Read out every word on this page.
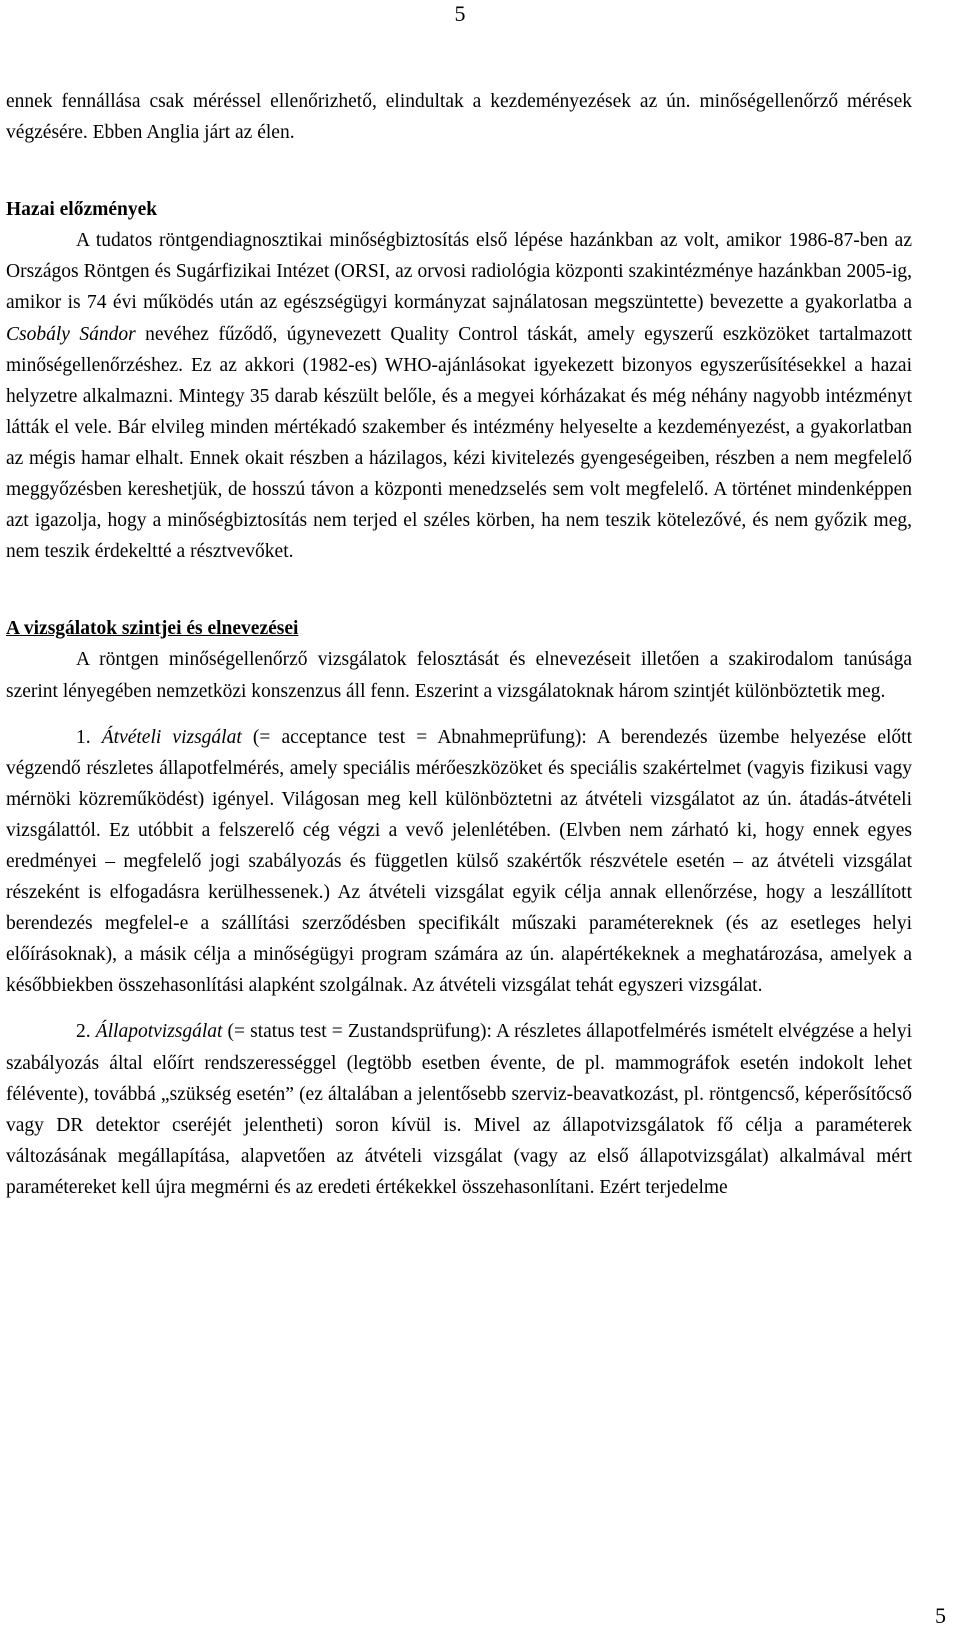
5

ennek fennállása csak méréssel ellenőrizhető, elindultak a kezdeményezések az ún. minőségellenőrző mérések végzésére. Ebben Anglia járt az élen.

Hazai előzmények

A tudatos röntgendiagnosztikai minőségbiztosítás első lépése hazánkban az volt, amikor 1986-87-ben az Országos Röntgen és Sugárfizikai Intézet (ORSI, az orvosi radiológia központi szakintézménye hazánkban 2005-ig, amikor is 74 évi működés után az egészségügyi kormányzat sajnálatosan megszüntette) bevezette a gyakorlatba a Csobály Sándor nevéhez fűződő, úgynevezett Quality Control táskát, amely egyszerű eszközöket tartalmazott minőségellenőrzéshez. Ez az akkori (1982-es) WHO-ajánlásokat igyekezett bizonyos egyszerűsítésekkel a hazai helyzetre alkalmazni. Mintegy 35 darab készült belőle, és a megyei kórházakat és még néhány nagyobb intézményt látták el vele. Bár elvileg minden mértékadó szakember és intézmény helyeselte a kezdeményezést, a gyakorlatban az mégis hamar elhalt. Ennek okait részben a házilagos, kézi kivitelezés gyengeségeiben, részben a nem megfelelő meggyőzésben kereshetjük, de hosszú távon a központi menedzselés sem volt megfelelő. A történet mindenképpen azt igazolja, hogy a minőségbiztosítás nem terjed el széles körben, ha nem teszik kötelezővé, és nem győzik meg, nem teszik érdekeltté a résztvevőket.

A vizsgálatok szintjei és elnevezései

A röntgen minőségellenőrző vizsgálatok felosztását és elnevezéseit illetően a szakirodalom tanúsága szerint lényegében nemzetközi konszenzus áll fenn. Eszerint a vizsgálatoknak három szintjét különböztetik meg.

1. Átvételi vizsgálat (= acceptance test = Abnahmeprüfung): A berendezés üzembe helyezése előtt végzendő részletes állapotfelmérés, amely speciális mérőeszközöket és speciális szakértelmet (vagyis fizikusi vagy mérnöki közreműködést) igényel. Világosan meg kell különböztetni az átvételi vizsgálatot az ún. átadás-átvételi vizsgálattól. Ez utóbbit a felszerelő cég végzi a vevő jelenlétében. (Elvben nem zárható ki, hogy ennek egyes eredményei – megfelelő jogi szabályozás és független külső szakértők részvétele esetén – az átvételi vizsgálat részeként is elfogadásra kerülhessenek.) Az átvételi vizsgálat egyik célja annak ellenőrzése, hogy a leszállított berendezés megfelel-e a szállítási szerződésben specifikált műszaki paramétereknek (és az esetleges helyi előírásoknak), a másik célja a minőségügyi program számára az ún. alapértékeknek a meghatározása, amelyek a későbbiekben összehasonlítási alapként szolgálnak. Az átvételi vizsgálat tehát egyszeri vizsgálat.

2. Állapotvizsgálat (= status test = Zustandsprüfung): A részletes állapotfelmérés ismételt elvégzése a helyi szabályozás által előírt rendszerességgel (legtöbb esetben évente, de pl. mammográfok esetén indokolt lehet félévente), továbbá „szükség esetén” (ez általában a jelentősebb szerviz-beavatkozást, pl. röntgencső, képerősítőcső vagy DR detektor cseréjét jelentheti) soron kívül is. Mivel az állapotvizsgálatok fő célja a paraméterek változásának megállapítása, alapvetően az átvételi vizsgálat (vagy az első állapotvizsgálat) alkalmával mért paramétereket kell újra megmérni és az eredeti értékekkel összehasonlítani. Ezért terjedelme

5
